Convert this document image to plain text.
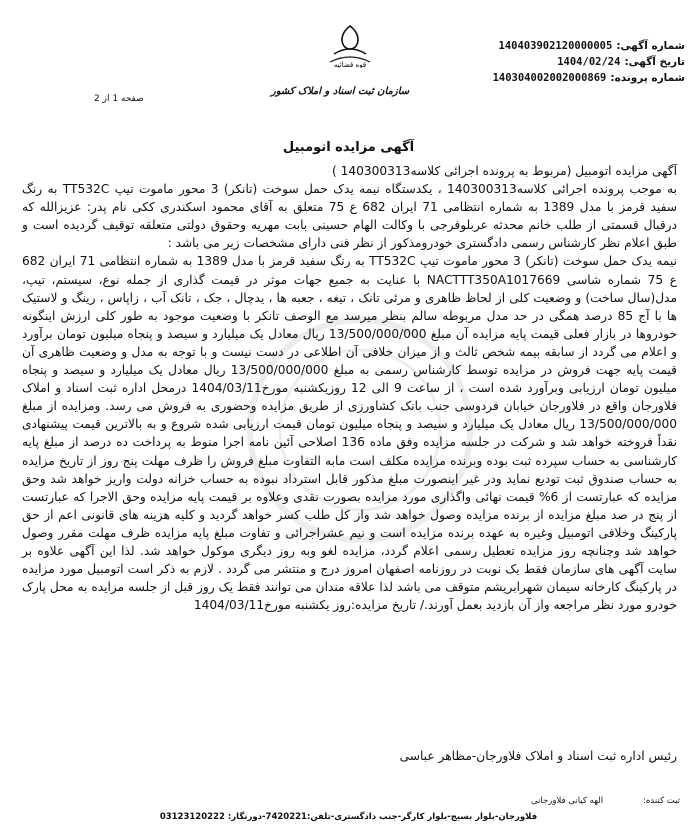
شماره آگهی:
140403902120000005
تاریخ آگهی:
1404/02/24
شماره پرونده:
140304002002000869
قوه قضائیه
سازمان ثبت اسناد و املاک کشور
صفحه 1 از 2
آگهی مزایده اتومبیل

آگهی مزایده اتومبیل (مربوط به پرونده اجرائی کلاسه140300313 )

به موجب پرونده اجرائی کلاسه140300313 ، یکدستگاه نیمه یدک حمل سوخت (تانکر) 3 محور ماموت تیپ TT532C به رنگ سفید قرمز با مدل 1389 به شماره انتظامی 71 ایران 682 ع 75 متعلق به آقای محمود اسکندری ککی نام پدر: عزیزالله که درقبال قسمتی از طلب خانم محدثه عربلوفرجی با وکالت الهام حسینی بابت مهریه وحقوق دولتی متعلقه توقیف گردیده است و طبق اعلام نظر کارشناس رسمی دادگستری خودرومذکور از نظر فنی دارای مشخصات زیر می باشد :

نیمه یدک حمل سوخت (تانکر) 3 محور ماموت تیپ TT532C به رنگ سفید قرمز با مدل 1389 به شماره انتظامی 71 ایران 682 ع 75 شماره شاسی NACTTT350A1017669 با عنایت به جمیع جهات موثر در قیمت گذاری از جمله نوع، سیستم، تیپ، مدل(سال ساخت) و وضعیت کلی از لحاظ ظاهری و مرئی تانک ، تیغه ، جعبه ها ، یدچال ، جک ، تانک آب ، زاپاس ، رینگ و لاستیک ها با آج 85 درصد همگی در حد مدل مربوطه سالم بنظر میرسد مع الوصف تانکر با وضعیت موجود به طور کلی ارزش اینگونه خودروها در بازار فعلی قیمت پایه مزایده آن مبلغ 13/500/000/000 ریال معادل یک میلیارد و سیصد و پنجاه میلیون تومان برآورد و اعلام می گردد از سابقه بیمه شخص ثالث و از میزان خلافی آن اطلاعی در دست نیست و با توجه به مدل و وضعیت ظاهری آن قیمت پایه جهت فروش در مزایده توسط کارشناس رسمی به مبلغ 13/500/000/000 ریال معادل یک میلیارد و سیصد و پنجاه میلیون تومان ارزیابی وبرآورد شده است ، از ساعت 9 الی 12 روزیکشنبه مورخ1404/03/11 درمحل اداره ثبت اسناد و املاک فلاورجان واقع در فلاورجان خیابان فردوسی جنب بانک کشاورزی از طریق مزایده وحضوری به فروش می رسد. ومزایده از مبلغ 13/500/000/000 ریال معادل یک میلیارد و سیصد و پنجاه میلیون تومان قیمت ارزیابی شده شروع و به بالاترین قیمت پیشنهادی نقداً فروخته خواهد شد و شرکت در جلسه مزایده وفق ماده 136 اصلاحی آئین نامه اجرا منوط به پرداخت ده درصد از مبلغ پایه کارشناسی به حساب سپرده ثبت بوده وبرنده مزایده مکلف است مابه التفاوت مبلغ فروش را ظرف مهلت پنج روز از تاریخ مزایده به حساب صندوق ثبت تودیع نماید ودر غیر اینصورت مبلغ مذکور قابل استرداد نبوده به حساب خزانه دولت واریز خواهد شد وحق مزایده که عبارتست از 6% قیمت نهائی واگذاری مورد مزایده بصورت نقدی وعلاوه بر قیمت پایه مزایده وحق الاجرا که عبارتست از پنج در صد مبلغ مزایده از برنده مزایده وصول خواهد شد واز کل طلب کسر خواهد گردید و کلیه هزینه های قانونی اعم از حق پارکینگ وخلافی اتومبیل وغیره به عهده برنده مزایده است و نیم عشراجرائی و تفاوت مبلغ پایه مزایده ظرف مهلت مقرر وصول خواهد شد وچنانچه روز مزایده تعطیل رسمی اعلام گردد، مزایده لغو وبه روز دیگری موکول خواهد شد. لذا این آگهی علاوه بر سایت آگهی های سازمان فقط یک نوبت در روزنامه اصفهان امروز درج و منتشر می گردد . لازم به ذکر است اتومبیل مورد مزایده در پارکینگ کارخانه سیمان شهرابریشم متوقف می باشد لذا علاقه مندان می توانند فقط یک روز قبل از جلسه مزایده به محل پارک خودرو مورد نظر مراجعه واز آن بازدید بعمل آورند./ تاریخ مزایده:روز یکشنبه مورخ1404/03/11

رئیس اداره ثبت اسناد و املاک فلاورجان-مظاهر عباسی
ثبت کننده:
الهه کیانی فلاورجانی
فلاورجان-بلوار بسیج-بلوار کارگر-جنب دادگستری-تلفن:7420221-دورنگار: 03123120222
